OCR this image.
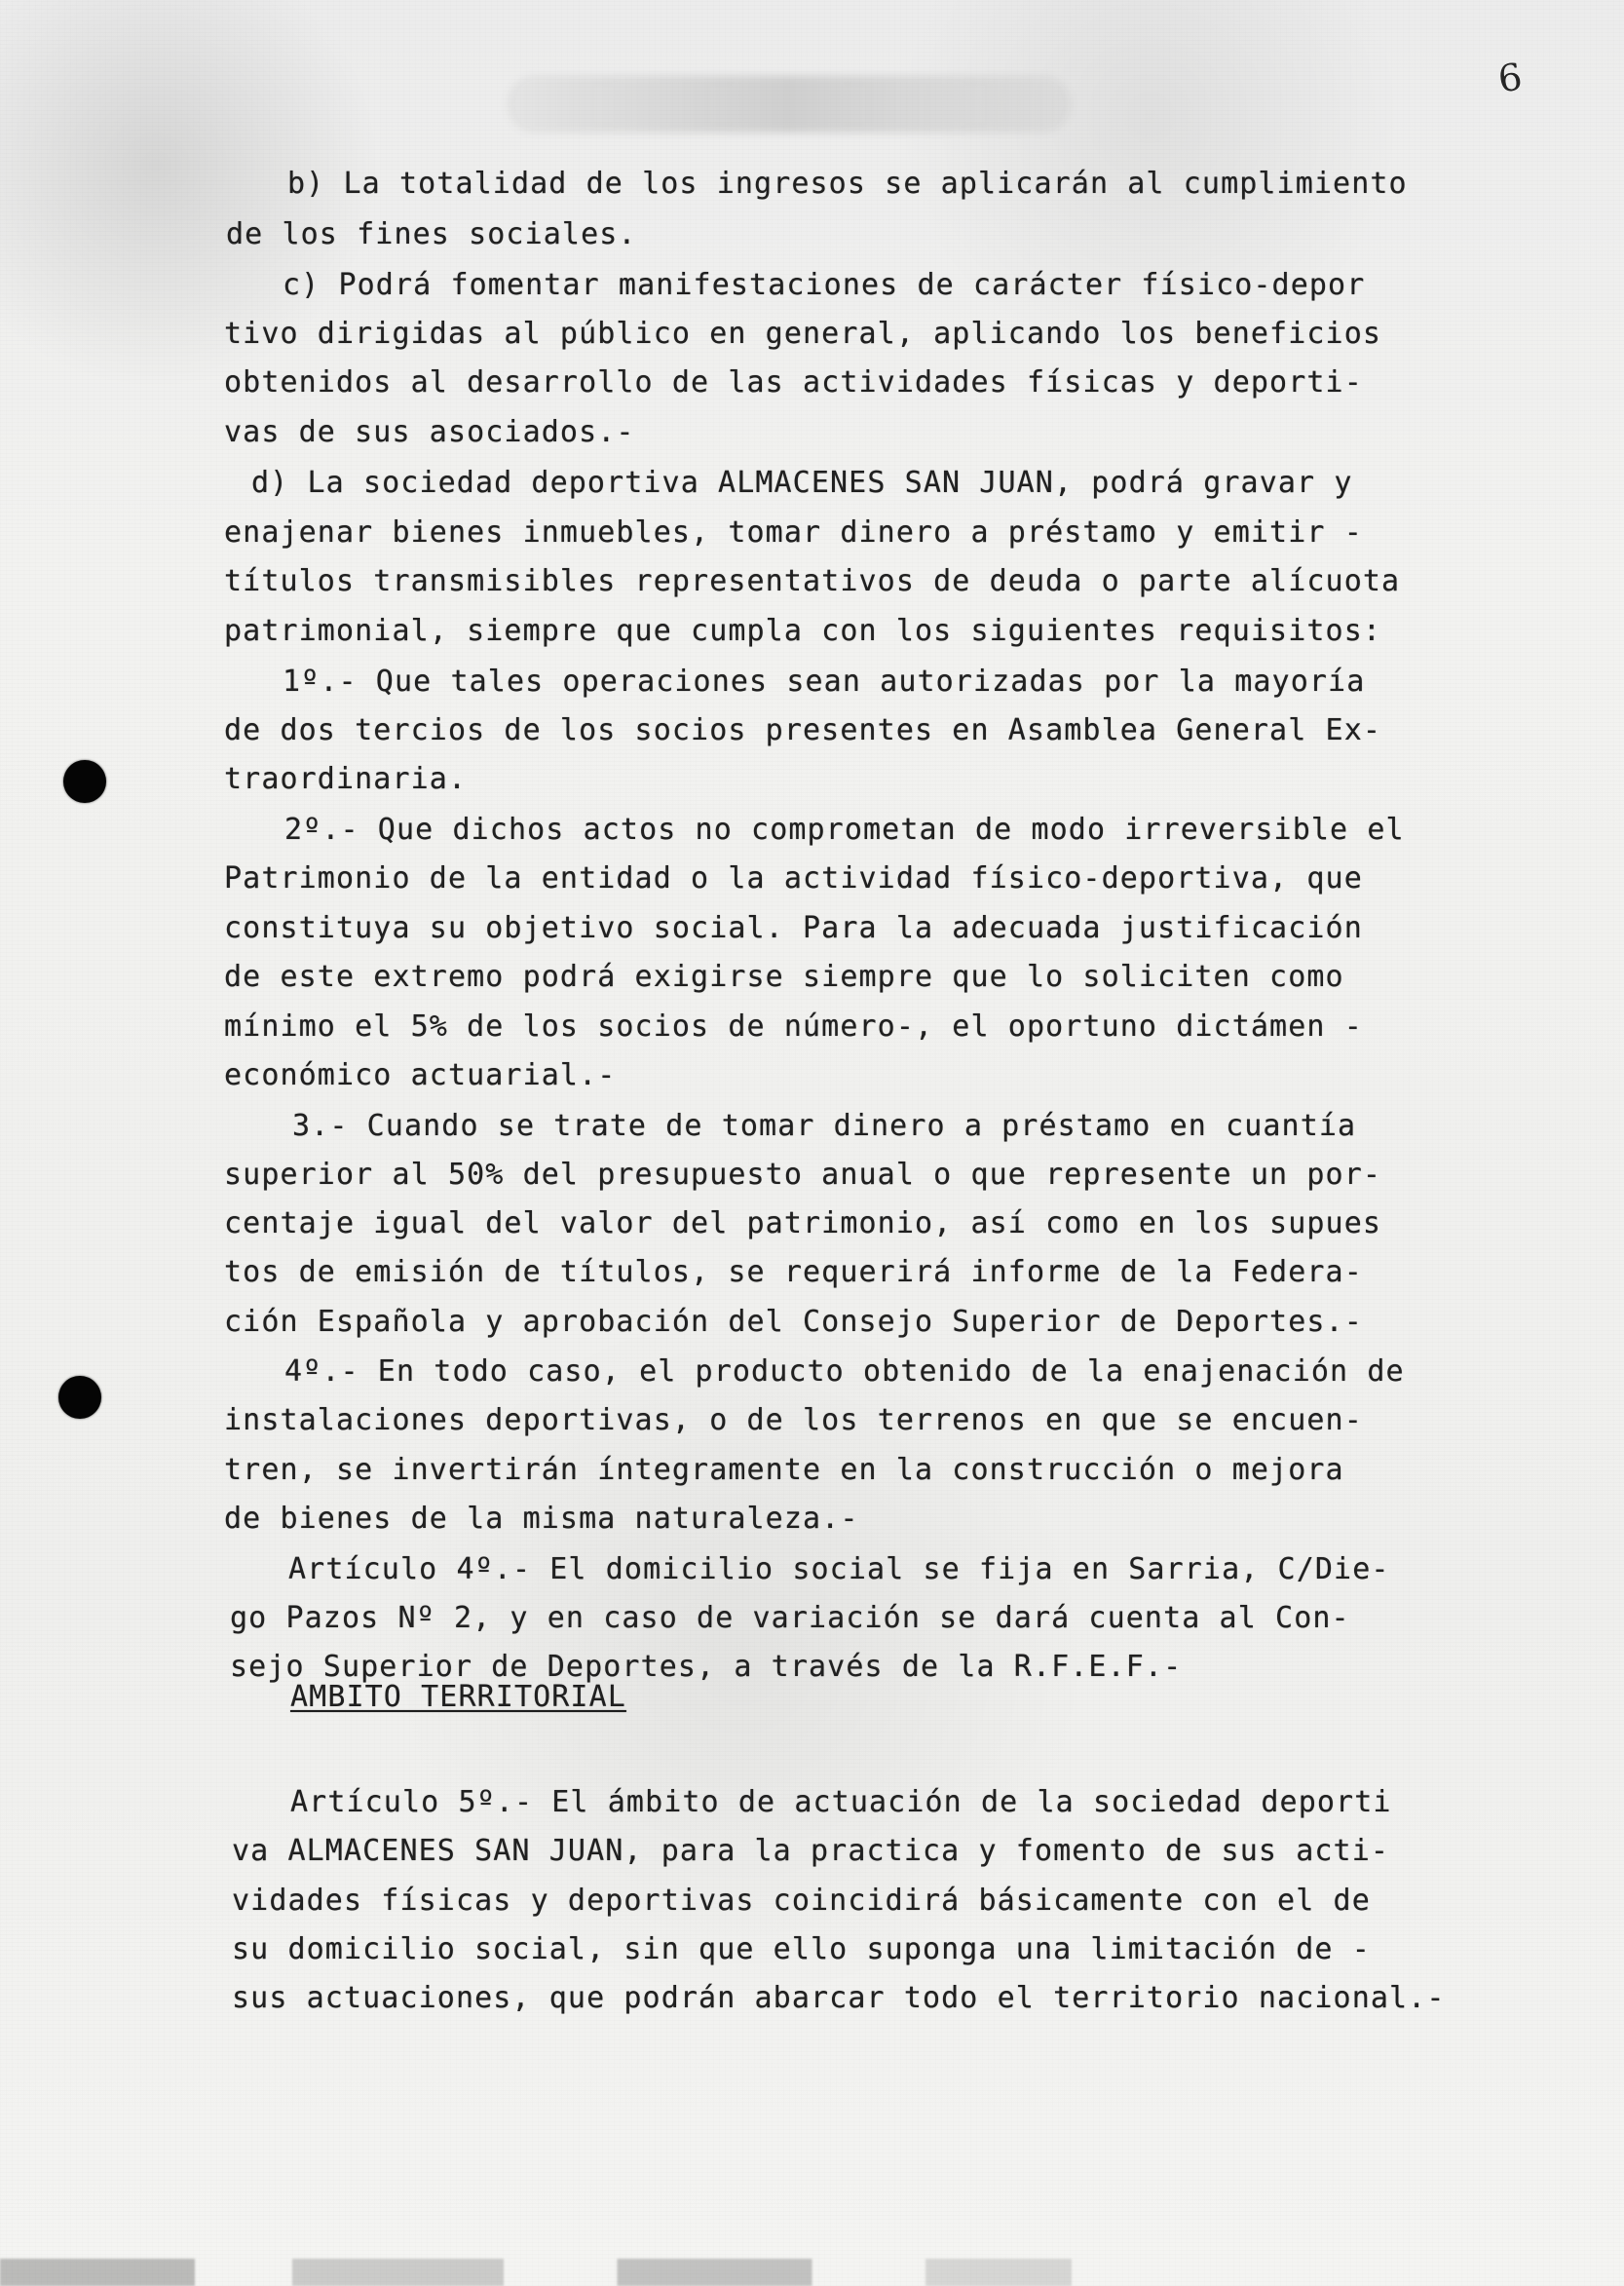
6
b) La totalidad de los ingresos se aplicarán al cumplimiento
de los fines sociales.
c) Podrá fomentar manifestaciones de carácter físico-depor
tivo dirigidas al público en general, aplicando los beneficios
obtenidos al desarrollo de las actividades físicas y deporti-
vas de sus asociados.-
d) La sociedad deportiva ALMACENES SAN JUAN, podrá gravar y
enajenar bienes inmuebles, tomar dinero a préstamo y emitir -
títulos transmisibles representativos de deuda o parte alícuota
patrimonial, siempre que cumpla con los siguientes requisitos:
1º.- Que tales operaciones sean autorizadas por la mayoría
de dos tercios de los socios presentes en Asamblea General Ex-
traordinaria.
2º.- Que dichos actos no comprometan de modo irreversible el
Patrimonio de la entidad o la actividad físico-deportiva, que
constituya su objetivo social. Para la adecuada justificación
de este extremo podrá exigirse siempre que lo soliciten como
mínimo el 5% de los socios de número-, el oportuno dictámen -
económico actuarial.-
3.- Cuando se trate de tomar dinero a préstamo en cuantía
superior al 50% del presupuesto anual o que represente un por-
centaje igual del valor del patrimonio, así como en los supues
tos de emisión de títulos, se requerirá informe de la Federa-
ción Española y aprobación del Consejo Superior de Deportes.-
4º.- En todo caso, el producto obtenido de la enajenación de
instalaciones deportivas, o de los terrenos en que se encuen-
tren, se invertirán íntegramente en la construcción o mejora
de bienes de la misma naturaleza.-
Artículo 4º.- El domicilio social se fija en Sarria, C/Die-
go Pazos Nº 2, y en caso de variación se dará cuenta al Con-
sejo Superior de Deportes, a través de la R.F.E.F.-
AMBITO TERRITORIAL
Artículo 5º.- El ámbito de actuación de la sociedad deporti
va ALMACENES SAN JUAN, para la practica y fomento de sus acti-
vidades físicas y deportivas coincidirá básicamente con el de
su domicilio social, sin que ello suponga una limitación de -
sus actuaciones, que podrán abarcar todo el territorio nacional.-
